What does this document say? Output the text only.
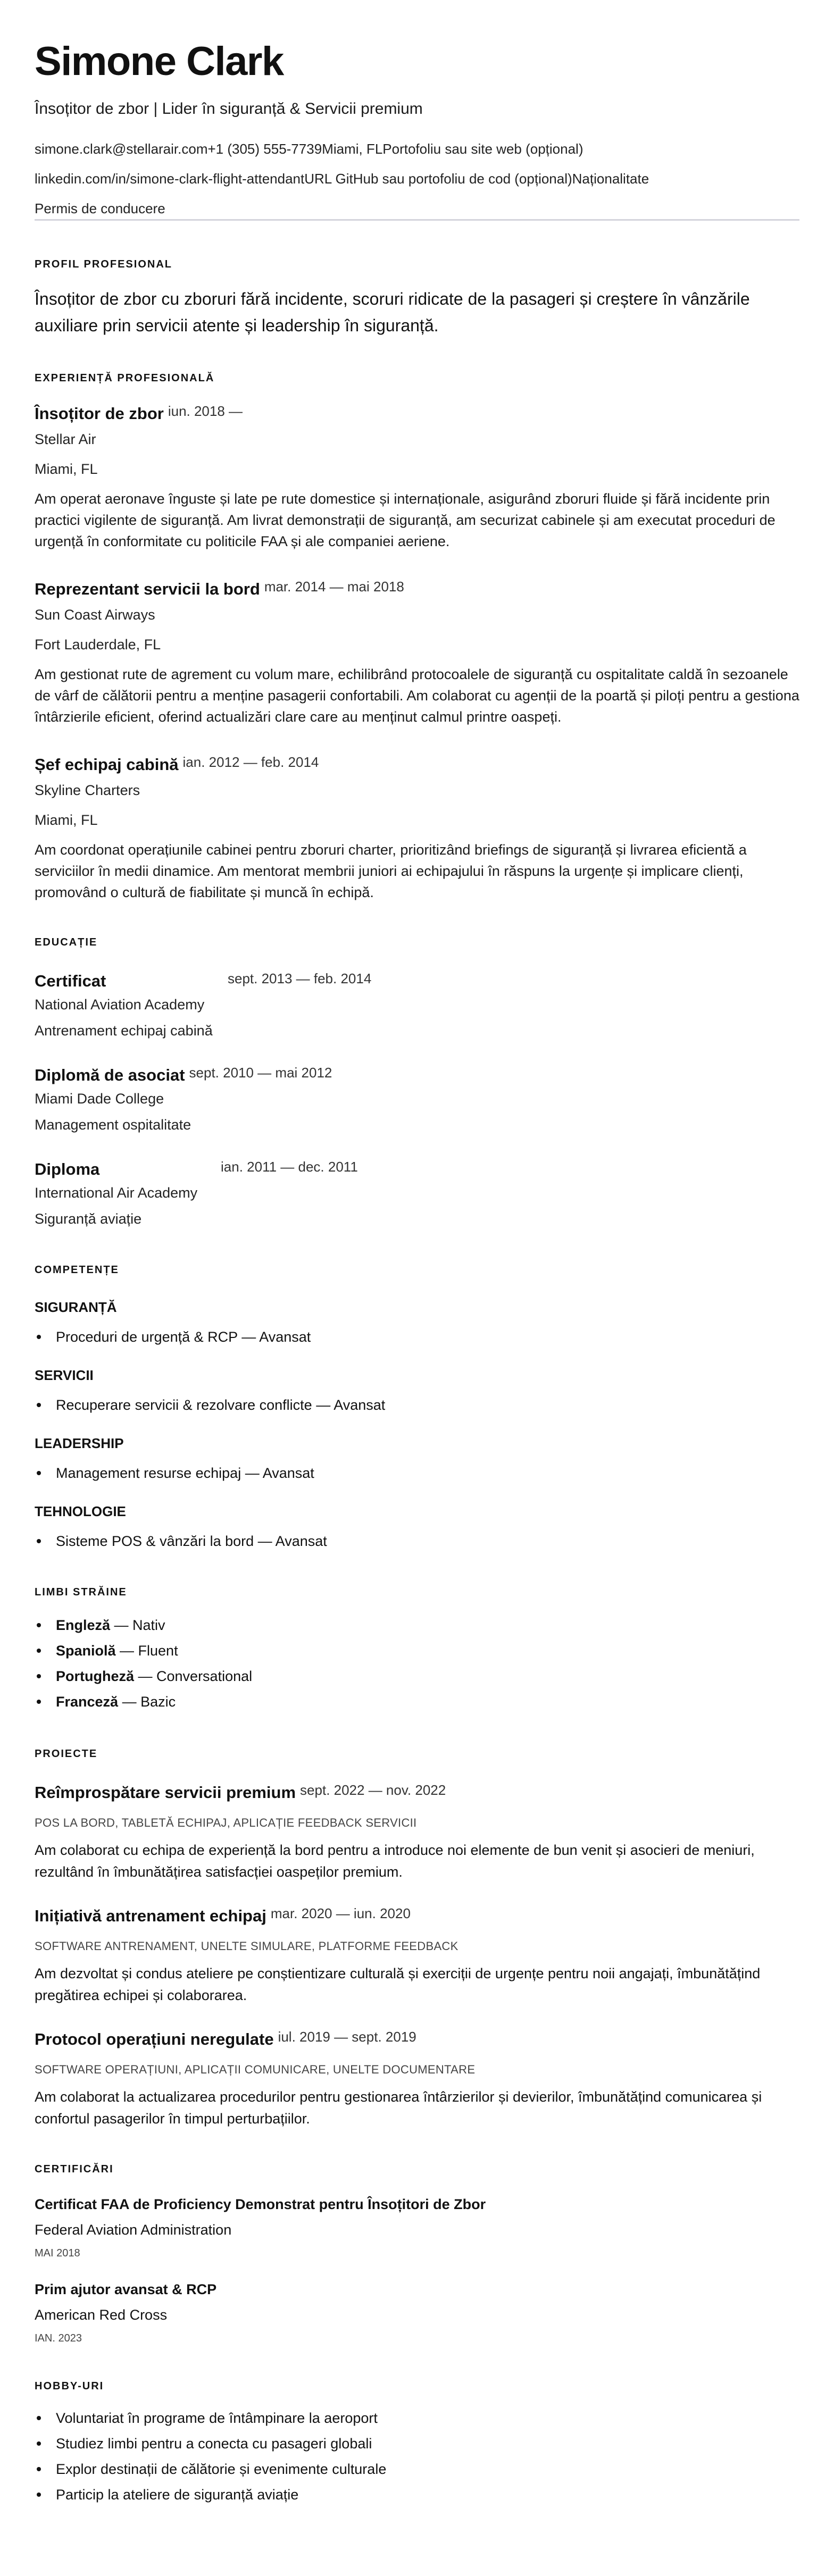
Simone Clark
Însoțitor de zbor | Lider în siguranță & Servicii premium
simone.clark@stellarair.com+1 (305) 555-7739Miami, FLPortofoliu sau site web (opțional)
linkedin.com/in/simone-clark-flight-attendantURL GitHub sau portofoliu de cod (opțional)Naționalitate
Permis de conducere
PROFIL PROFESIONAL

Însoțitor de zbor cu zboruri fără incidente, scoruri ridicate de la pasageri și creștere în vânzările auxiliare prin servicii atente și leadership în siguranță.

EXPERIENȚĂ PROFESIONALĂ
Însoțitor de zbor iun. 2018 —
Stellar Air
Miami, FL

Am operat aeronave înguste și late pe rute domestice și internaționale, asigurând zboruri fluide și fără incidente prin practici vigilente de siguranță. Am livrat demonstrații de siguranță, am securizat cabinele și am executat proceduri de urgență în conformitate cu politicile FAA și ale companiei aeriene.

Reprezentant servicii la bord mar. 2014 — mai 2018
Sun Coast Airways
Fort Lauderdale, FL

Am gestionat rute de agrement cu volum mare, echilibrând protocoalele de siguranță cu ospitalitate caldă în sezoanele de vârf de călătorii pentru a menține pasagerii confortabili. Am colaborat cu agenții de la poartă și piloți pentru a gestiona întârzierile eficient, oferind actualizări clare care au menținut calmul printre oaspeți.

Șef echipaj cabină ian. 2012 — feb. 2014
Skyline Charters
Miami, FL

Am coordonat operațiunile cabinei pentru zboruri charter, prioritizând briefings de siguranță și livrarea eficientă a serviciilor în medii dinamice. Am mentorat membrii juniori ai echipajului în răspuns la urgențe și implicare clienți, promovând o cultură de fiabilitate și muncă în echipă.

EDUCAȚIE
Certificat	sept. 2013 — feb. 2014
National Aviation Academy
Antrenament echipaj cabină
Diplomă de asociat sept. 2010 — mai 2012
Miami Dade College
Management ospitalitate
Diploma	ian. 2011 — dec. 2011
International Air Academy
Siguranță aviație
COMPETENȚE
SIGURANȚĂ
Proceduri de urgență & RCP — Avansat
SERVICII
Recuperare servicii & rezolvare conflicte — Avansat
LEADERSHIP
Management resurse echipaj — Avansat
TEHNOLOGIE
Sisteme POS & vânzări la bord — Avansat
LIMBI STRĂINE
Engleză — Nativ
Spaniolă — Fluent
Portugheză — Conversational
Franceză — Bazic
PROIECTE
Reîmprospătare servicii premium sept. 2022 — nov. 2022
POS LA BORD, TABLETĂ ECHIPAJ, APLICAȚIE FEEDBACK SERVICII

Am colaborat cu echipa de experiență la bord pentru a introduce noi elemente de bun venit și asocieri de meniuri, rezultând în îmbunătățirea satisfacției oaspeților premium.

Inițiativă antrenament echipaj mar. 2020 — iun. 2020
SOFTWARE ANTRENAMENT, UNELTE SIMULARE, PLATFORME FEEDBACK

Am dezvoltat și condus ateliere pe conștientizare culturală și exerciții de urgențe pentru noii angajați, îmbunătățind pregătirea echipei și colaborarea.

Protocol operațiuni neregulate iul. 2019 — sept. 2019
SOFTWARE OPERAȚIUNI, APLICAȚII COMUNICARE, UNELTE DOCUMENTARE

Am colaborat la actualizarea procedurilor pentru gestionarea întârzierilor și devierilor, îmbunătățind comunicarea și confortul pasagerilor în timpul perturbațiilor.

CERTIFICĂRI
Certificat FAA de Proficiency Demonstrat pentru Însoțitori de Zbor
Federal Aviation Administration
MAI 2018
Prim ajutor avansat & RCP
American Red Cross
IAN. 2023
HOBBY-URI
Voluntariat în programe de întâmpinare la aeroport
Studiez limbi pentru a conecta cu pasageri globali
Explor destinații de călătorie și evenimente culturale
Particip la ateliere de siguranță aviație
